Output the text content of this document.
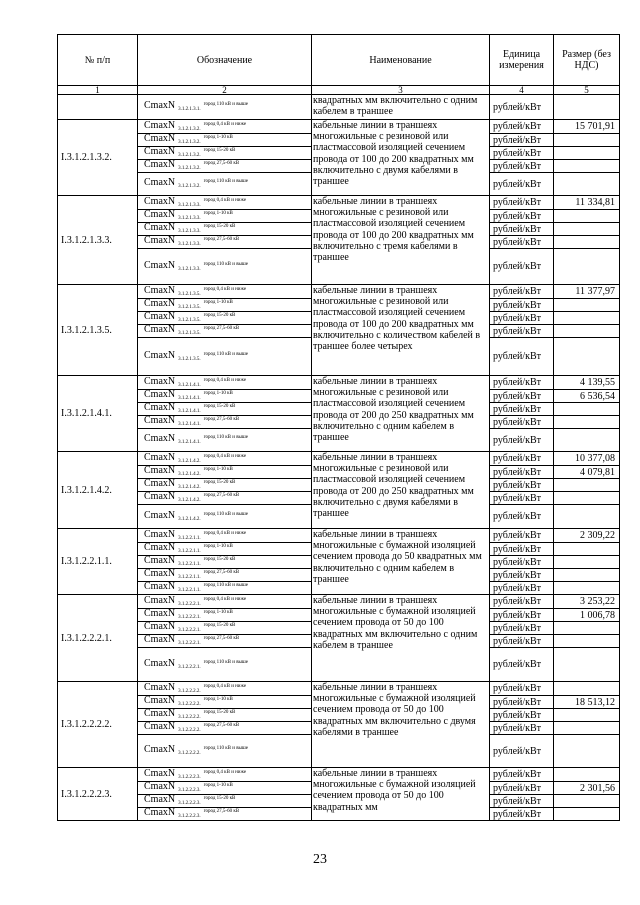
№ п/п	Обозначение	Наименование	Единица измерения	Размер (без НДС)
1	2	3	4	5
	CmaxN $_{3.1.2.1.3.1.}^{город 110 кВ и выше}$	квадратных мм включительно с одним кабелем в траншее	рублей/кВт	
I.3.1.2.1.3.2.	CmaxN $_{3.1.2.1.3.2.}^{город 0,4 кВ и ниже}$	кабельные линии в траншеях многожильные с резиновой или пластмассовой изоляцией сечением провода от 100 до 200 квадратных мм включительно с двумя кабелями в траншее	рублей/кВт	15 701,91
	CmaxN $_{3.1.2.1.3.2.}^{город 1-10 кВ}$		рублей/кВт	
	CmaxN $_{3.1.2.1.3.2.}^{город 15-20 кВ}$		рублей/кВт	
	CmaxN $_{3.1.2.1.3.2.}^{город 27,5-60 кВ}$		рублей/кВт	
	CmaxN $_{3.1.2.1.3.2.}^{город 110 кВ и выше}$		рублей/кВт	
I.3.1.2.1.3.3.	CmaxN $_{3.1.2.1.3.3.}^{город 0,4 кВ и ниже}$	кабельные линии в траншеях многожильные с резиновой или пластмассовой изоляцией сечением провода от 100 до 200 квадратных мм включительно с тремя кабелями в траншее	рублей/кВт	11 334,81
	CmaxN $_{3.1.2.1.3.3.}^{город 1-10 кВ}$		рублей/кВт	
	CmaxN $_{3.1.2.1.3.3.}^{город 15-20 кВ}$		рублей/кВт	
	CmaxN $_{3.1.2.1.3.3.}^{город 27,5-60 кВ}$		рублей/кВт	
	CmaxN $_{3.1.2.1.3.3.}^{город 110 кВ и выше}$		рублей/кВт	
I.3.1.2.1.3.5.	CmaxN $_{3.1.2.1.3.5.}^{город 0,4 кВ и ниже}$	кабельные линии в траншеях многожильные с резиновой или пластмассовой изоляцией сечением провода от 100 до 200 квадратных мм включительно с количеством кабелей в траншее более четырех	рублей/кВт	11 377,97
	CmaxN $_{3.1.2.1.3.5.}^{город 1-10 кВ}$		рублей/кВт	
	CmaxN $_{3.1.2.1.3.5.}^{город 15-20 кВ}$		рублей/кВт	
	CmaxN $_{3.1.2.1.3.5.}^{город 27,5-60 кВ}$		рублей/кВт	
	CmaxN $_{3.1.2.1.3.5.}^{город 110 кВ и выше}$		рублей/кВт	
I.3.1.2.1.4.1.	CmaxN $_{3.1.2.1.4.1.}^{город 0,4 кВ и ниже}$	кабельные линии в траншеях многожильные с резиновой или пластмассовой изоляцией сечением провода от 200 до 250 квадратных мм включительно с одним кабелем в траншее	рублей/кВт	4 139,55
	CmaxN $_{3.1.2.1.4.1.}^{город 1-10 кВ}$		рублей/кВт	6 536,54
	CmaxN $_{3.1.2.1.4.1.}^{город 15-20 кВ}$		рублей/кВт	
	CmaxN $_{3.1.2.1.4.1.}^{город 27,5-60 кВ}$		рублей/кВт	
	CmaxN $_{3.1.2.1.4.1.}^{город 110 кВ и выше}$		рублей/кВт	
I.3.1.2.1.4.2.	CmaxN $_{3.1.2.1.4.2.}^{город 0,4 кВ и ниже}$	кабельные линии в траншеях многожильные с резиновой или пластмассовой изоляцией сечением провода от 200 до 250 квадратных мм включительно с двумя кабелями в траншее	рублей/кВт	10 377,08
	CmaxN $_{3.1.2.1.4.2.}^{город 1-10 кВ}$		рублей/кВт	4 079,81
	CmaxN $_{3.1.2.1.4.2.}^{город 15-20 кВ}$		рублей/кВт	
	CmaxN $_{3.1.2.1.4.2.}^{город 27,5-60 кВ}$		рублей/кВт	
	CmaxN $_{3.1.2.1.4.2.}^{город 110 кВ и выше}$		рублей/кВт	
I.3.1.2.2.1.1.	CmaxN $_{3.1.2.2.1.1.}^{город 0,4 кВ и ниже}$	кабельные линии в траншеях многожильные с бумажной изоляцией сечением провода до 50 квадратных мм включительно с одним кабелем в траншее	рублей/кВт	2 309,22
	CmaxN $_{3.1.2.2.1.1.}^{город 1-10 кВ}$		рублей/кВт	
	CmaxN $_{3.1.2.2.1.1.}^{город 15-20 кВ}$		рублей/кВт	
	CmaxN $_{3.1.2.2.1.1.}^{город 27,5-60 кВ}$		рублей/кВт	
	CmaxN $_{3.1.2.2.1.1.}^{город 110 кВ и выше}$		рублей/кВт	
I.3.1.2.2.2.1.	CmaxN $_{3.1.2.2.2.1.}^{город 0,4 кВ и ниже}$	кабельные линии в траншеях многожильные с бумажной изоляцией сечением провода от 50 до 100 квадратных мм включительно с одним кабелем в траншее	рублей/кВт	3 253,22
	CmaxN $_{3.1.2.2.2.1.}^{город 1-10 кВ}$		рублей/кВт	1 006,78
	CmaxN $_{3.1.2.2.2.1.}^{город 15-20 кВ}$		рублей/кВт	
	CmaxN $_{3.1.2.2.2.1.}^{город 27,5-60 кВ}$		рублей/кВт	
	CmaxN $_{3.1.2.2.2.1.}^{город 110 кВ и выше}$		рублей/кВт	
I.3.1.2.2.2.2.	CmaxN $_{3.1.2.2.2.2.}^{город 0,4 кВ и ниже}$	кабельные линии в траншеях многожильные с бумажной изоляцией сечением провода от 50 до 100 квадратных мм включительно с двумя кабелями в траншее	рублей/кВт	
	CmaxN $_{3.1.2.2.2.2.}^{город 1-10 кВ}$		рублей/кВт	18 513,12
	CmaxN $_{3.1.2.2.2.2.}^{город 15-20 кВ}$		рублей/кВт	
	CmaxN $_{3.1.2.2.2.2.}^{город 27,5-60 кВ}$		рублей/кВт	
	CmaxN $_{3.1.2.2.2.2.}^{город 110 кВ и выше}$		рублей/кВт	
I.3.1.2.2.2.3.	CmaxN $_{3.1.2.2.2.3.}^{город 0,4 кВ и ниже}$	кабельные линии в траншеях многожильные с бумажной изоляцией сечением провода от 50 до 100 квадратных мм	рублей/кВт	
	CmaxN $_{3.1.2.2.2.3.}^{город 1-10 кВ}$		рублей/кВт	2 301,56
	CmaxN $_{3.1.2.2.2.3.}^{город 15-20 кВ}$		рублей/кВт	
	CmaxN $_{3.1.2.2.2.3.}^{город 27,5-60 кВ}$		рублей/кВт	
23
